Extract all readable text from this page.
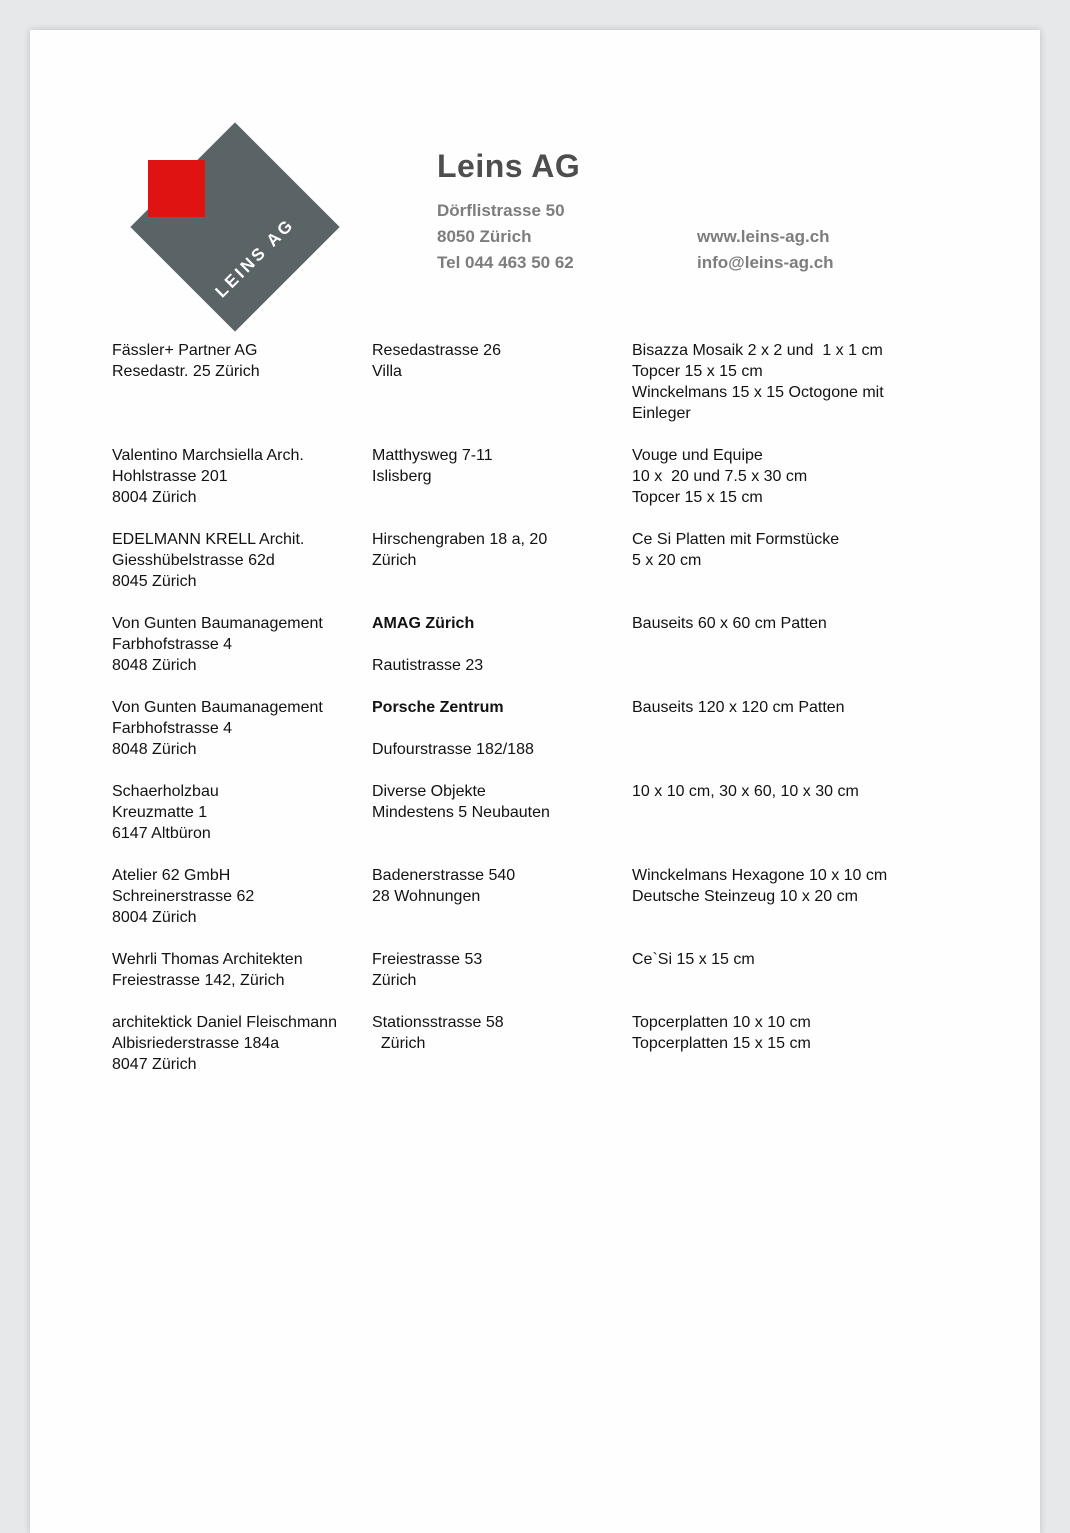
LEINS AG
Leins AG
Dörflistrasse 50
8050 Zürich
Tel 044 463 50 62
www.leins-ag.ch
info@leins-ag.ch
Fässler+ Partner AG
Resedastr. 25 Zürich
Resedastrasse 26
Villa
Bisazza Mosaik 2 x 2 und  1 x 1 cm
Topcer 15 x 15 cm
Winckelmans 15 x 15 Octogone mit
Einleger
Valentino Marchsiella Arch.
Hohlstrasse 201
8004 Zürich
Matthysweg 7-11
Islisberg
Vouge und Equipe
10 x  20 und 7.5 x 30 cm
Topcer 15 x 15 cm
EDELMANN KRELL Archit.
Giesshübelstrasse 62d
8045 Zürich
Hirschengraben 18 a, 20
Zürich
Ce Si Platten mit Formstücke
5 x 20 cm
Von Gunten Baumanagement
Farbhofstrasse 4
8048 Zürich
AMAG Zürich

Rautistrasse 23
Bauseits 60 x 60 cm Patten
Von Gunten Baumanagement
Farbhofstrasse 4
8048 Zürich
Porsche Zentrum

Dufourstrasse 182/188
Bauseits 120 x 120 cm Patten
Schaerholzbau
Kreuzmatte 1
6147 Altbüron
Diverse Objekte
Mindestens 5 Neubauten
10 x 10 cm, 30 x 60, 10 x 30 cm
Atelier 62 GmbH
Schreinerstrasse 62
8004 Zürich
Badenerstrasse 540
28 Wohnungen
Winckelmans Hexagone 10 x 10 cm
Deutsche Steinzeug 10 x 20 cm
Wehrli Thomas Architekten
Freiestrasse 142, Zürich
Freiestrasse 53
Zürich
Ce`Si 15 x 15 cm
architektick Daniel Fleischmann
Albisriederstrasse 184a
8047 Zürich
Stationsstrasse 58
Zürich
Topcerplatten 10 x 10 cm
Topcerplatten 15 x 15 cm
